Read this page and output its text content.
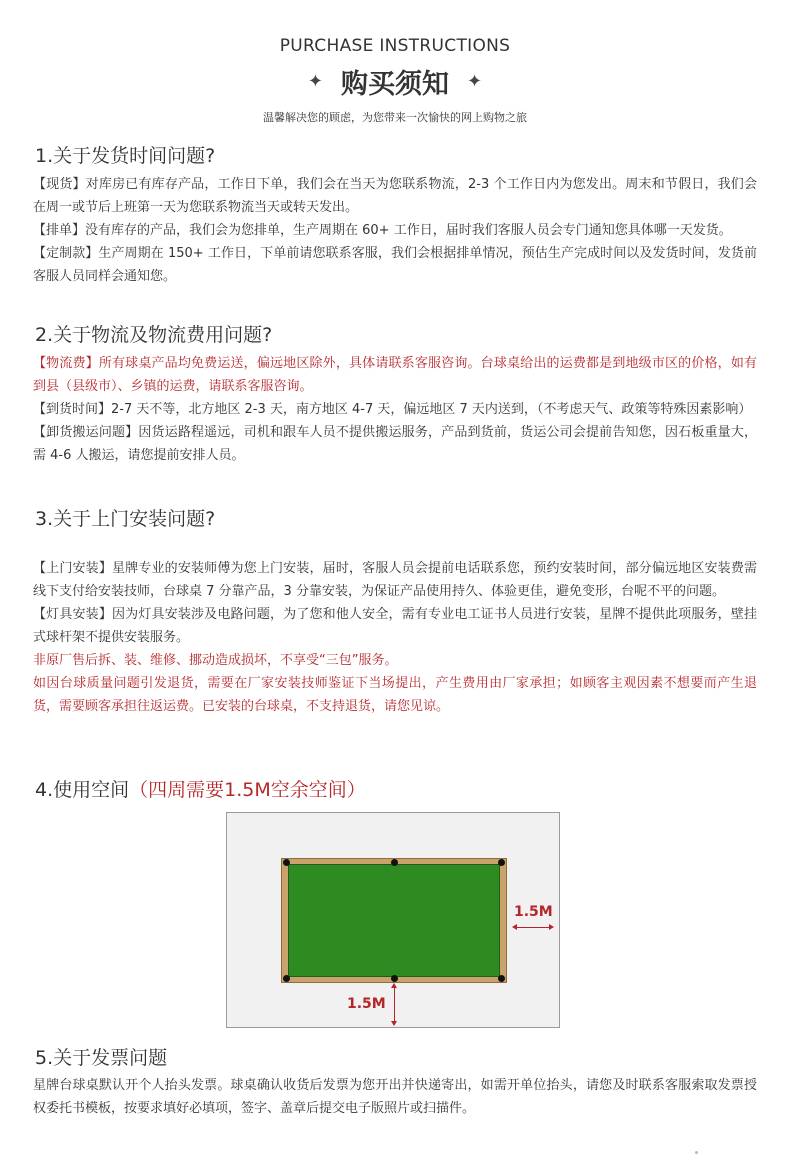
PURCHASE INSTRUCTIONS
✦ 购买须知 ✦
温馨解决您的顾虑，为您带来一次愉快的网上购物之旅
1.关于发货时间问题?

【现货】对库房已有库存产品，工作日下单，我们会在当天为您联系物流，2-3 个工作日内为您发出。周末和节假日，我们会在周一或节后上班第一天为您联系物流当天或转天发出。

【排单】没有库存的产品，我们会为您排单，生产周期在 60+ 工作日，届时我们客服人员会专门通知您具体哪一天发货。

【定制款】生产周期在 150+ 工作日，下单前请您联系客服，我们会根据排单情况，预估生产完成时间以及发货时间，发货前客服人员同样会通知您。

2.关于物流及物流费用问题?

【物流费】所有球桌产品均免费运送，偏远地区除外，具体请联系客服咨询。台球桌给出的运费都是到地级市区的价格，如有到县（县级市）、乡镇的运费，请联系客服咨询。

【到货时间】2-7 天不等，北方地区 2-3 天，南方地区 4-7 天，偏远地区 7 天内送到，（不考虑天气、政策等特殊因素影响）

【卸货搬运问题】因货运路程遥远，司机和跟车人员不提供搬运服务，产品到货前，货运公司会提前告知您，因石板重量大，需 4-6 人搬运，请您提前安排人员。

3.关于上门安装问题?

【上门安装】星牌专业的安装师傅为您上门安装，届时，客服人员会提前电话联系您，预约安装时间，部分偏远地区安装费需线下支付给安装技师，台球桌 7 分靠产品，3 分靠安装，为保证产品使用持久、体验更佳，避免变形，台呢不平的问题。

【灯具安装】因为灯具安装涉及电路问题，为了您和他人安全，需有专业电工证书人员进行安装，星牌不提供此项服务，壁挂式球杆架不提供安装服务。

非原厂售后拆、装、维修、挪动造成损坏，不享受“三包”服务。

如因台球质量问题引发退货，需要在厂家安装技师鉴证下当场提出，产生费用由厂家承担；如顾客主观因素不想要而产生退货，需要顾客承担往返运费。已安装的台球桌，不支持退货，请您见谅。

4.使用空间（四周需要1.5M空余空间）
1.5M
1.5M
5.关于发票问题

星牌台球桌默认开个人抬头发票。球桌确认收货后发票为您开出并快递寄出，如需开单位抬头，请您及时联系客服索取发票授权委托书模板，按要求填好必填项，签字、盖章后提交电子版照片或扫描件。
